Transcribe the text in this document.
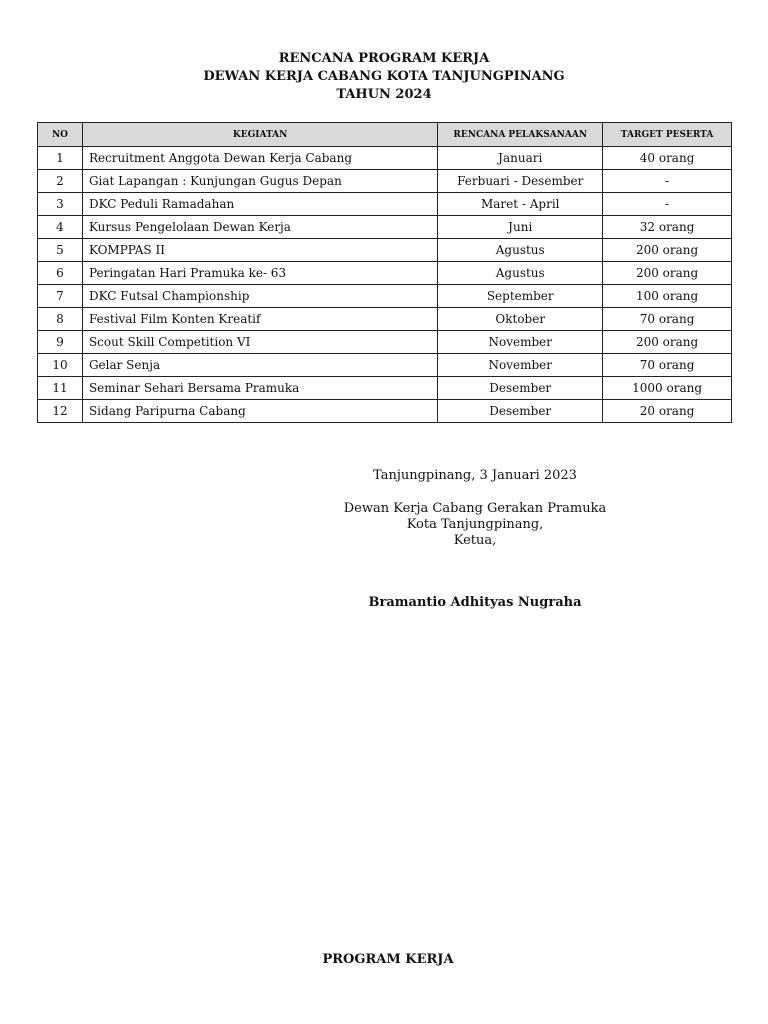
RENCANA PROGRAM KERJA
DEWAN KERJA CABANG KOTA TANJUNGPINANG
TAHUN 2024
NO	KEGIATAN	RENCANA PELAKSANAAN	TARGET PESERTA
1	Recruitment Anggota Dewan Kerja Cabang	Januari	40 orang
2	Giat Lapangan : Kunjungan Gugus Depan	Ferbuari - Desember	-
3	DKC Peduli Ramadahan	Maret - April	-
4	Kursus Pengelolaan Dewan Kerja	Juni	32 orang
5	KOMPPAS II	Agustus	200 orang
6	Peringatan Hari Pramuka ke- 63	Agustus	200 orang
7	DKC Futsal Championship	September	100 orang
8	Festival Film Konten Kreatif	Oktober	70 orang
9	Scout Skill Competition VI	November	200 orang
10	Gelar Senja	November	70 orang
11	Seminar Sehari Bersama Pramuka	Desember	1000 orang
12	Sidang Paripurna Cabang	Desember	20 orang
Tanjungpinang, 3 Januari 2023
Dewan Kerja Cabang Gerakan Pramuka
Kota Tanjungpinang,
Ketua,
Bramantio Adhityas Nugraha
PROGRAM KERJA
